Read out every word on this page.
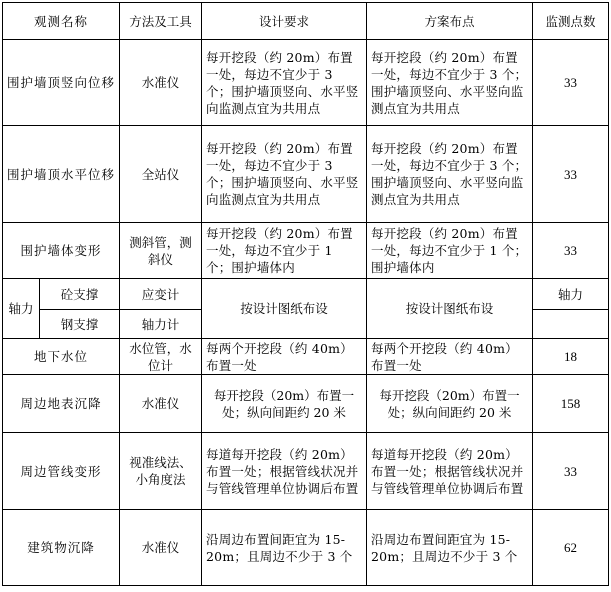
观测名称		方法及工具	设计要求	方案布点	监测点数
围护墙顶竖向位移		水准仪	每开挖段（约 20m）布置一处，每边不宜少于 3 个；围护墙顶竖向、水平竖向监测点宜为共用点	每开挖段（约 20m）布置一处，每边不宜少于 3 个；围护墙顶竖向、水平竖向监测点宜为共用点	33
围护墙顶水平位移		全站仪	每开挖段（约 20m）布置一处，每边不宜少于 3 个；围护墙顶竖向、水平竖向监测点宜为共用点	每开挖段（约 20m）布置一处，每边不宜少于 3 个；围护墙顶竖向、水平竖向监测点宜为共用点	33
围护墙体变形		测斜管，测斜仪	每开挖段（约 20m）布置一处，每边不宜少于 1 个；围护墙体内	每开挖段（约 20m）布置一处，每边不宜少于 1 个；围护墙体内	33
轴力	砼支撑	应变计	按设计图纸布设	按设计图纸布设	轴力
	钢支撑	轴力计			
地下水位		水位管，水位计	每两个开挖段（约 40m）布置一处	每两个开挖段（约 40m）布置一处	18
周边地表沉降		水准仪	每开挖段（20m）布置一处；纵向间距约 20 米	每开挖段（20m）布置一处；纵向间距约 20 米	158
周边管线变形		视准线法、小角度法	每道每开挖段（约 20m）布置一处；根据管线状况并与管线管理单位协调后布置	每道每开挖段（约 20m）布置一处；根据管线状况并与管线管理单位协调后布置	33
建筑物沉降		水准仪	沿周边布置间距宜为 15-20m；且周边不少于 3 个	沿周边布置间距宜为 15-20m；且周边不少于 3 个	62
